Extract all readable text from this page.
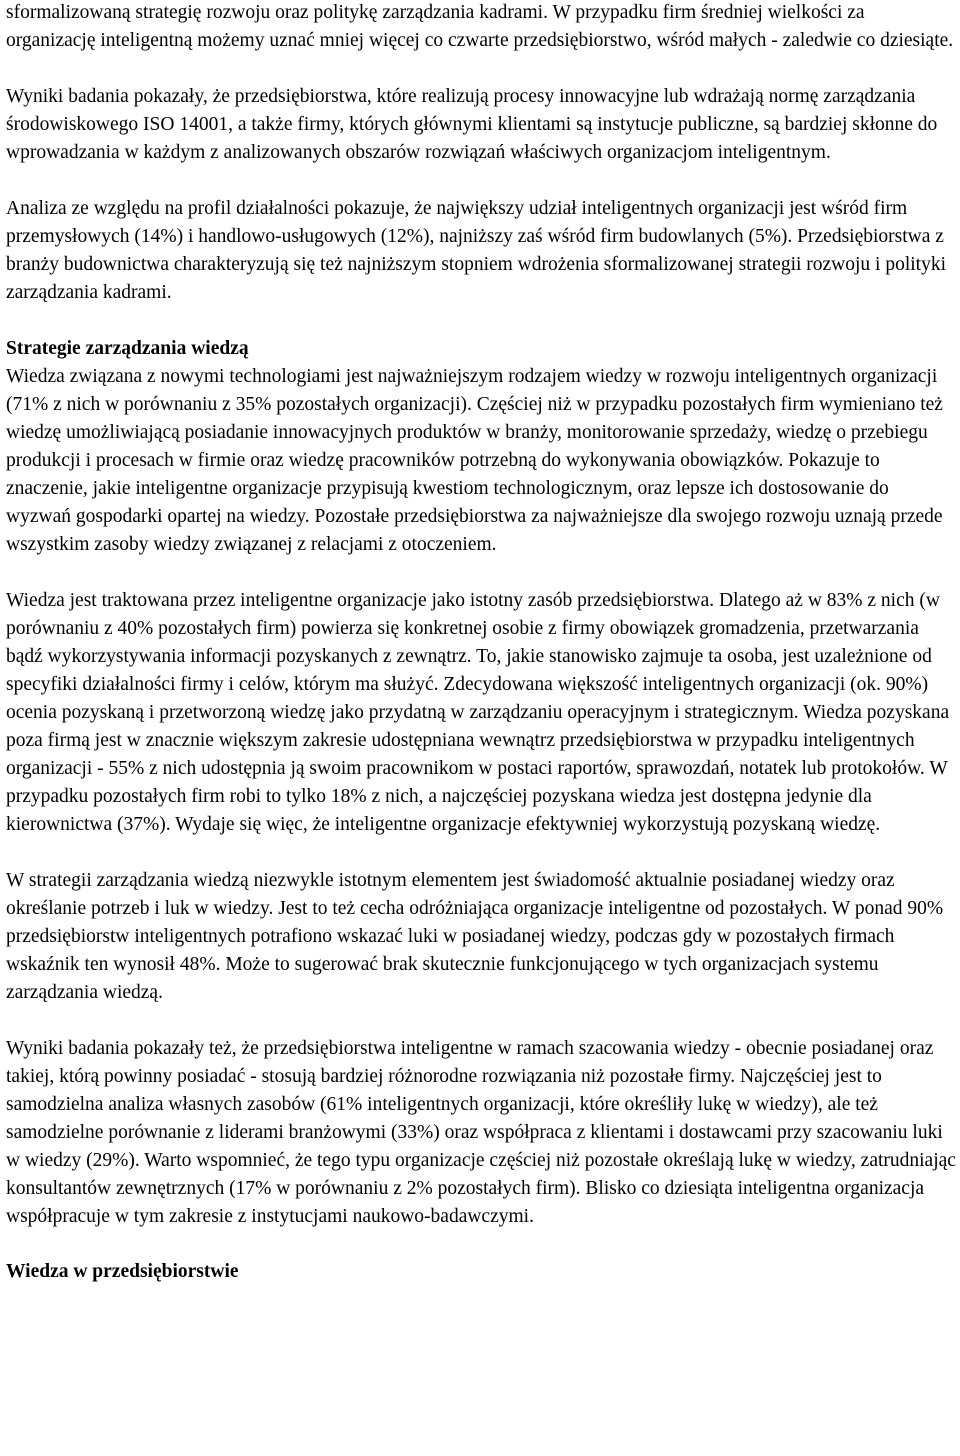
sformalizowaną strategię rozwoju oraz politykę zarządzania kadrami. W przypadku firm średniej wielkości za organizację inteligentną możemy uznać mniej więcej co czwarte przedsiębiorstwo, wśród małych - zaledwie co dziesiąte.

Wyniki badania pokazały, że przedsiębiorstwa, które realizują procesy innowacyjne lub wdrażają normę zarządzania środowiskowego ISO 14001, a także firmy, których głównymi klientami są instytucje publiczne, są bardziej skłonne do wprowadzania w każdym z analizowanych obszarów rozwiązań właściwych organizacjom inteligentnym.

Analiza ze względu na profil działalności pokazuje, że największy udział inteligentnych organizacji jest wśród firm przemysłowych (14%) i handlowo-usługowych (12%), najniższy zaś wśród firm budowlanych (5%). Przedsiębiorstwa z branży budownictwa charakteryzują się też najniższym stopniem wdrożenia sformalizowanej strategii rozwoju i polityki zarządzania kadrami.

Strategie zarządzania wiedzą

Wiedza związana z nowymi technologiami jest najważniejszym rodzajem wiedzy w rozwoju inteligentnych organizacji (71% z nich w porównaniu z 35% pozostałych organizacji). Częściej niż w przypadku pozostałych firm wymieniano też wiedzę umożliwiającą posiadanie innowacyjnych produktów w branży, monitorowanie sprzedaży, wiedzę o przebiegu produkcji i procesach w firmie oraz wiedzę pracowników potrzebną do wykonywania obowiązków. Pokazuje to znaczenie, jakie inteligentne organizacje przypisują kwestiom technologicznym, oraz lepsze ich dostosowanie do wyzwań gospodarki opartej na wiedzy. Pozostałe przedsiębiorstwa za najważniejsze dla swojego rozwoju uznają przede wszystkim zasoby wiedzy związanej z relacjami z otoczeniem.

Wiedza jest traktowana przez inteligentne organizacje jako istotny zasób przedsiębiorstwa. Dlatego aż w 83% z nich (w porównaniu z 40% pozostałych firm) powierza się konkretnej osobie z firmy obowiązek gromadzenia, przetwarzania bądź wykorzystywania informacji pozyskanych z zewnątrz. To, jakie stanowisko zajmuje ta osoba, jest uzależnione od specyfiki działalności firmy i celów, którym ma służyć. Zdecydowana większość inteligentnych organizacji (ok. 90%) ocenia pozyskaną i przetworzoną wiedzę jako przydatną w zarządzaniu operacyjnym i strategicznym. Wiedza pozyskana poza firmą jest w znacznie większym zakresie udostępniana wewnątrz przedsiębiorstwa w przypadku inteligentnych organizacji - 55% z nich udostępnia ją swoim pracownikom w postaci raportów, sprawozdań, notatek lub protokołów. W przypadku pozostałych firm robi to tylko 18% z nich, a najczęściej pozyskana wiedza jest dostępna jedynie dla kierownictwa (37%). Wydaje się więc, że inteligentne organizacje efektywniej wykorzystują pozyskaną wiedzę.

W strategii zarządzania wiedzą niezwykle istotnym elementem jest świadomość aktualnie posiadanej wiedzy oraz określanie potrzeb i luk w wiedzy. Jest to też cecha odróżniająca organizacje inteligentne od pozostałych. W ponad 90% przedsiębiorstw inteligentnych potrafiono wskazać luki w posiadanej wiedzy, podczas gdy w pozostałych firmach wskaźnik ten wynosił 48%. Może to sugerować brak skutecznie funkcjonującego w tych organizacjach systemu zarządzania wiedzą.

Wyniki badania pokazały też, że przedsiębiorstwa inteligentne w ramach szacowania wiedzy - obecnie posiadanej oraz takiej, którą powinny posiadać - stosują bardziej różnorodne rozwiązania niż pozostałe firmy. Najczęściej jest to samodzielna analiza własnych zasobów (61% inteligentnych organizacji, które określiły lukę w wiedzy), ale też samodzielne porównanie z liderami branżowymi (33%) oraz współpraca z klientami i dostawcami przy szacowaniu luki w wiedzy (29%). Warto wspomnieć, że tego typu organizacje częściej niż pozostałe określają lukę w wiedzy, zatrudniając konsultantów zewnętrznych (17% w porównaniu z 2% pozostałych firm). Blisko co dziesiąta inteligentna organizacja współpracuje w tym zakresie z instytucjami naukowo-badawczymi.

Wiedza w przedsiębiorstwie
